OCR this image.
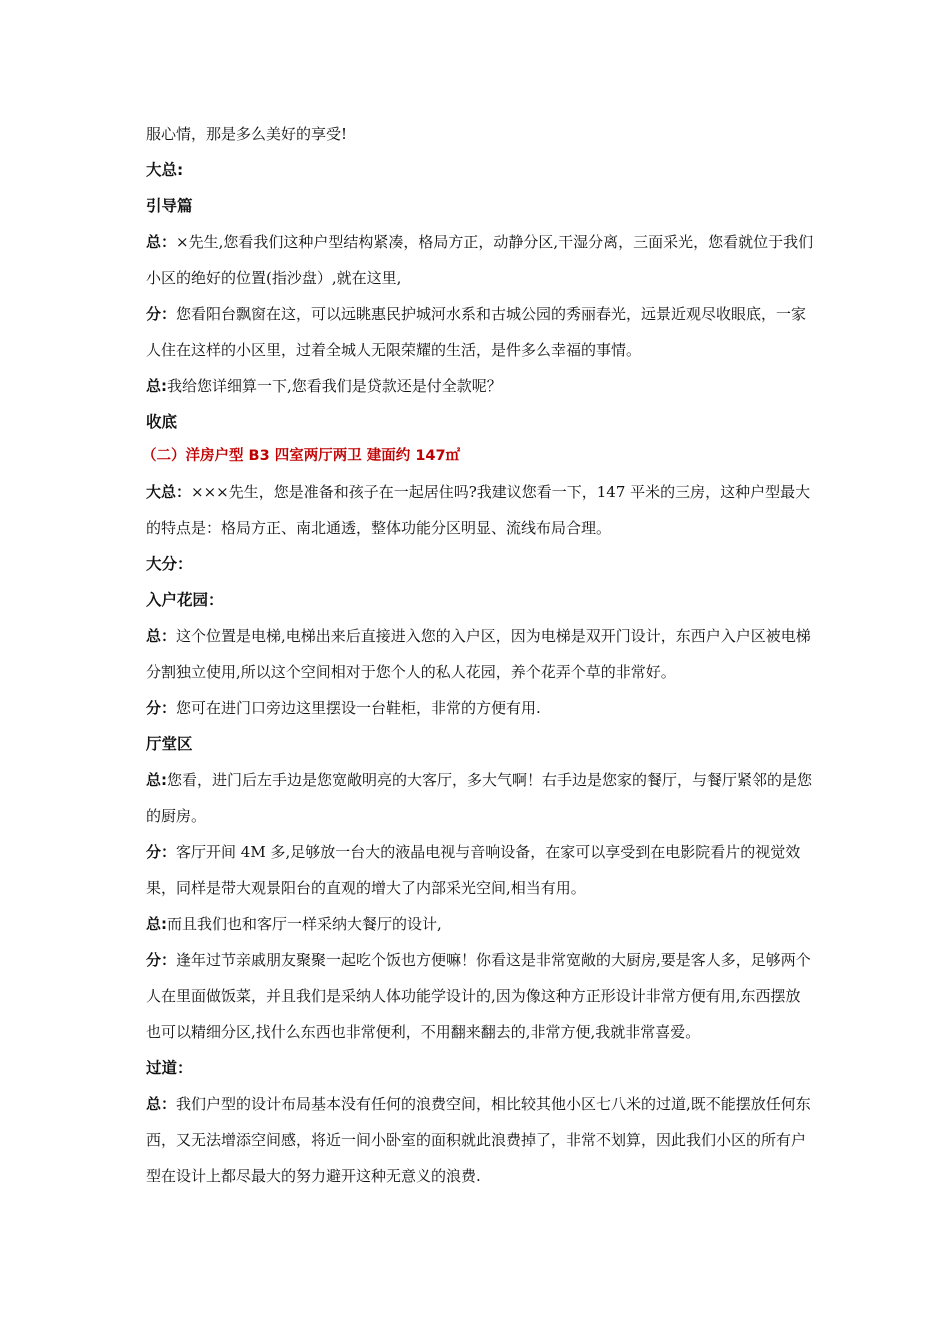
服心情，那是多么美好的享受!

大总:

引导篇

总：×先生,您看我们这种户型结构紧凑，格局方正，动静分区,干湿分离，三面采光，您看就位于我们小区的绝好的位置(指沙盘）,就在这里,

分：您看阳台飘窗在这，可以远眺惠民护城河水系和古城公园的秀丽春光，远景近观尽收眼底，一家人住在这样的小区里，过着全城人无限荣耀的生活，是件多么幸福的事情。

总:我给您详细算一下,您看我们是贷款还是付全款呢？

收底

（二）洋房户型 B3 四室两厅两卫 建面约 147㎡

大总：×××先生，您是准备和孩子在一起居住吗?我建议您看一下，147 平米的三房，这种户型最大的特点是：格局方正、南北通透，整体功能分区明显、流线布局合理。

大分：

入户花园：

总：这个位置是电梯,电梯出来后直接进入您的入户区，因为电梯是双开门设计，东西户入户区被电梯分割独立使用,所以这个空间相对于您个人的私人花园，养个花弄个草的非常好。

分：您可在进门口旁边这里摆设一台鞋柜，非常的方便有用.

厅堂区

总:您看，进门后左手边是您宽敞明亮的大客厅，多大气啊！右手边是您家的餐厅，与餐厅紧邻的是您的厨房。

分：客厅开间 4M 多,足够放一台大的液晶电视与音响设备，在家可以享受到在电影院看片的视觉效果，同样是带大观景阳台的直观的增大了内部采光空间,相当有用。

总:而且我们也和客厅一样采纳大餐厅的设计,

分：逢年过节亲戚朋友聚聚一起吃个饭也方便嘛！你看这是非常宽敞的大厨房,要是客人多，足够两个人在里面做饭菜，并且我们是采纳人体功能学设计的,因为像这种方正形设计非常方便有用,东西摆放也可以精细分区,找什么东西也非常便利，不用翻来翻去的,非常方便,我就非常喜爱。

过道：

总：我们户型的设计布局基本没有任何的浪费空间，相比较其他小区七八米的过道,既不能摆放任何东西，又无法增添空间感，将近一间小卧室的面积就此浪费掉了，非常不划算，因此我们小区的所有户型在设计上都尽最大的努力避开这种无意义的浪费.
